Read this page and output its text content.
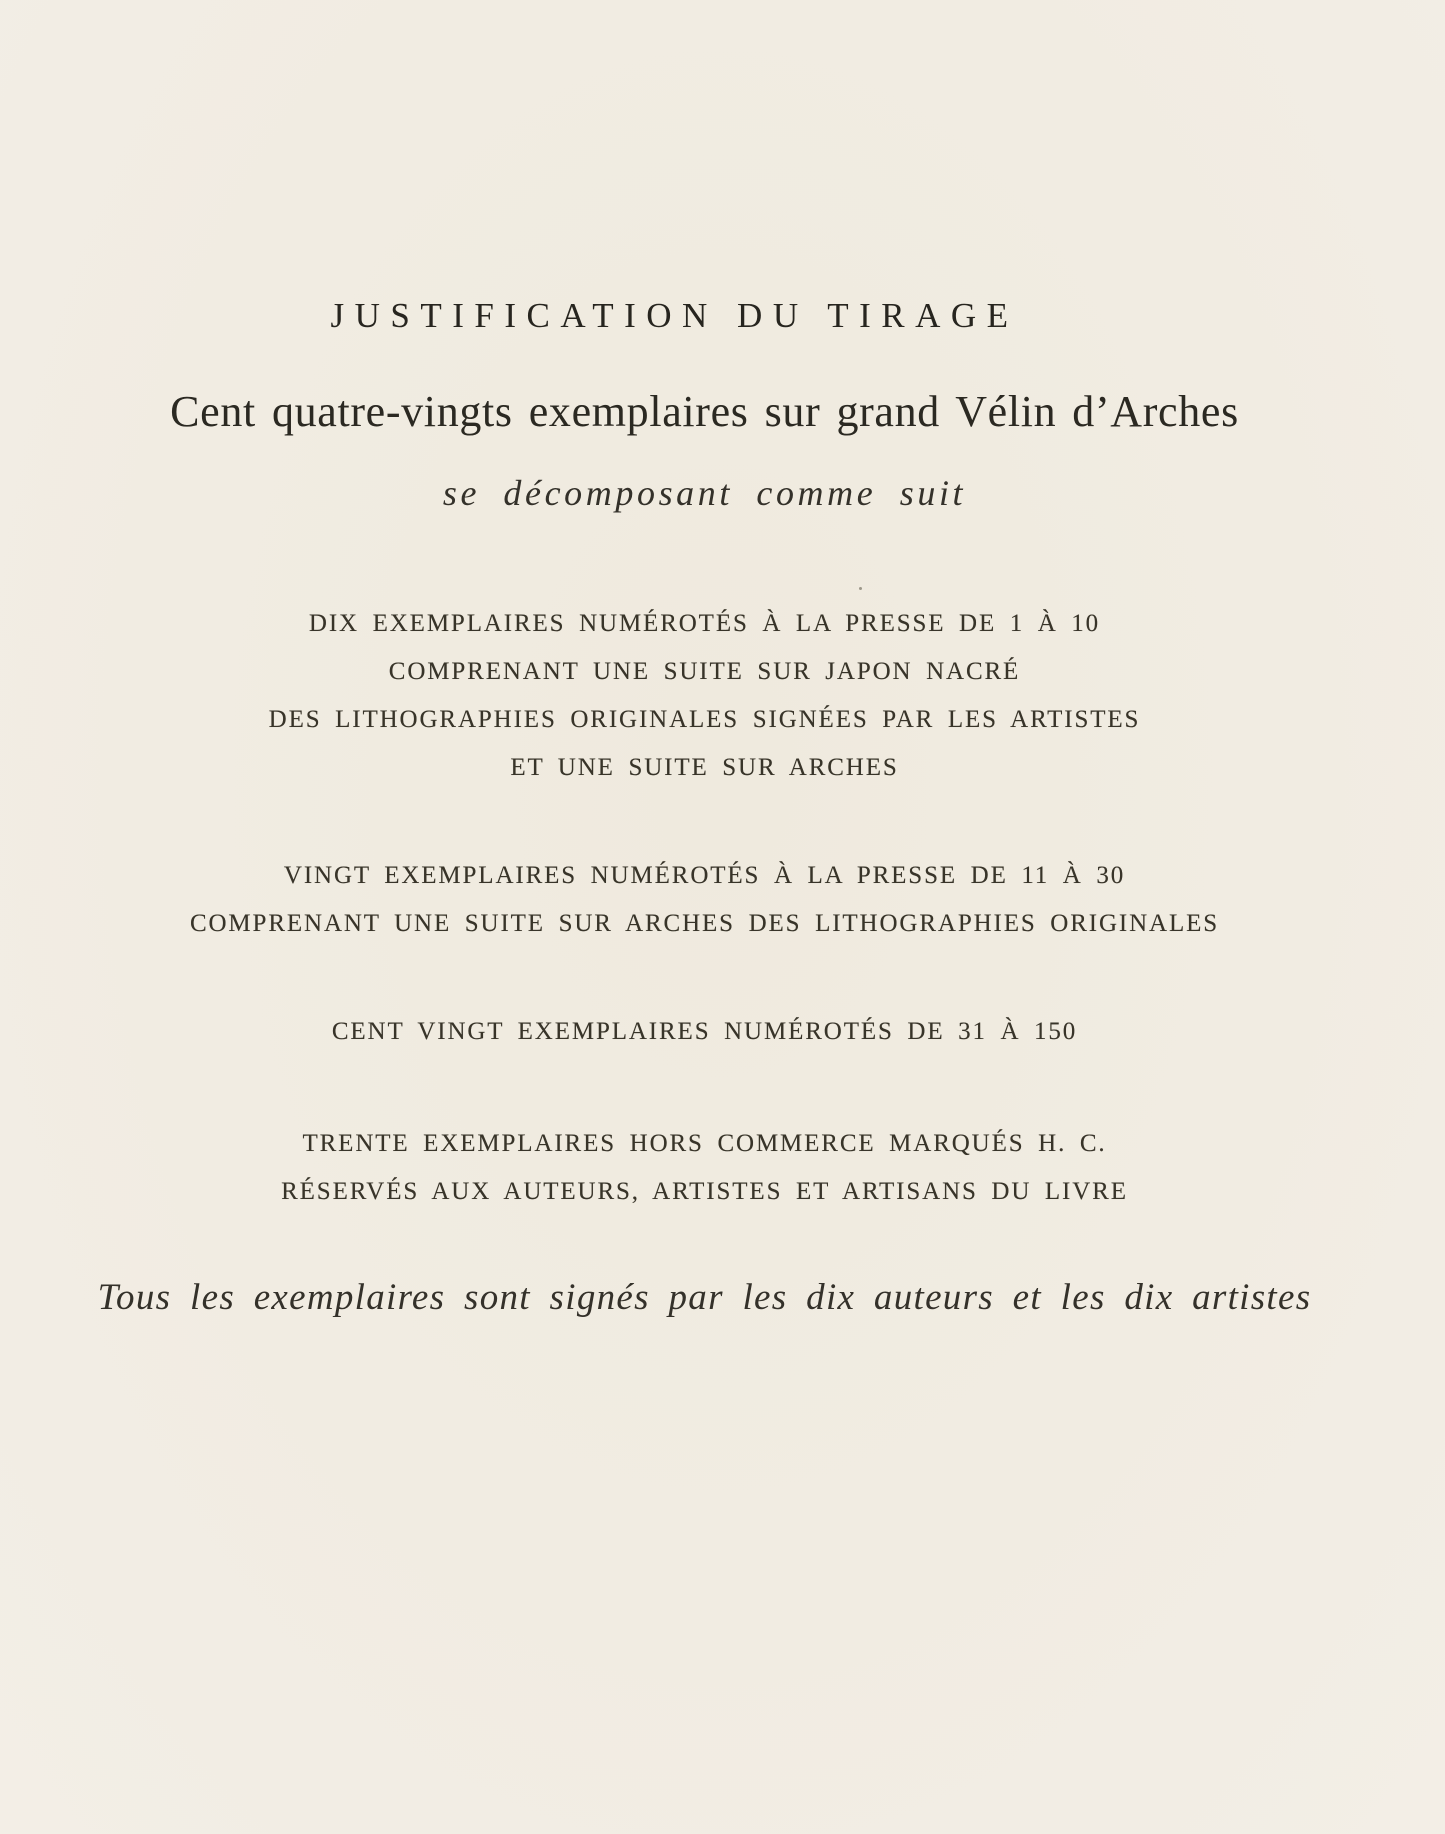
JUSTIFICATION DU TIRAGE
Cent quatre-vingts exemplaires sur grand Vélin d’Arches
se décomposant comme suit
DIX EXEMPLAIRES NUMÉROTÉS À LA PRESSE DE 1 À 10
COMPRENANT UNE SUITE SUR JAPON NACRÉ
DES LITHOGRAPHIES ORIGINALES SIGNÉES PAR LES ARTISTES
ET UNE SUITE SUR ARCHES
VINGT EXEMPLAIRES NUMÉROTÉS À LA PRESSE DE 11 À 30
COMPRENANT UNE SUITE SUR ARCHES DES LITHOGRAPHIES ORIGINALES
CENT VINGT EXEMPLAIRES NUMÉROTÉS DE 31 À 150
TRENTE EXEMPLAIRES HORS COMMERCE MARQUÉS H. C.
RÉSERVÉS AUX AUTEURS, ARTISTES ET ARTISANS DU LIVRE
Tous les exemplaires sont signés par les dix auteurs et les dix artistes
